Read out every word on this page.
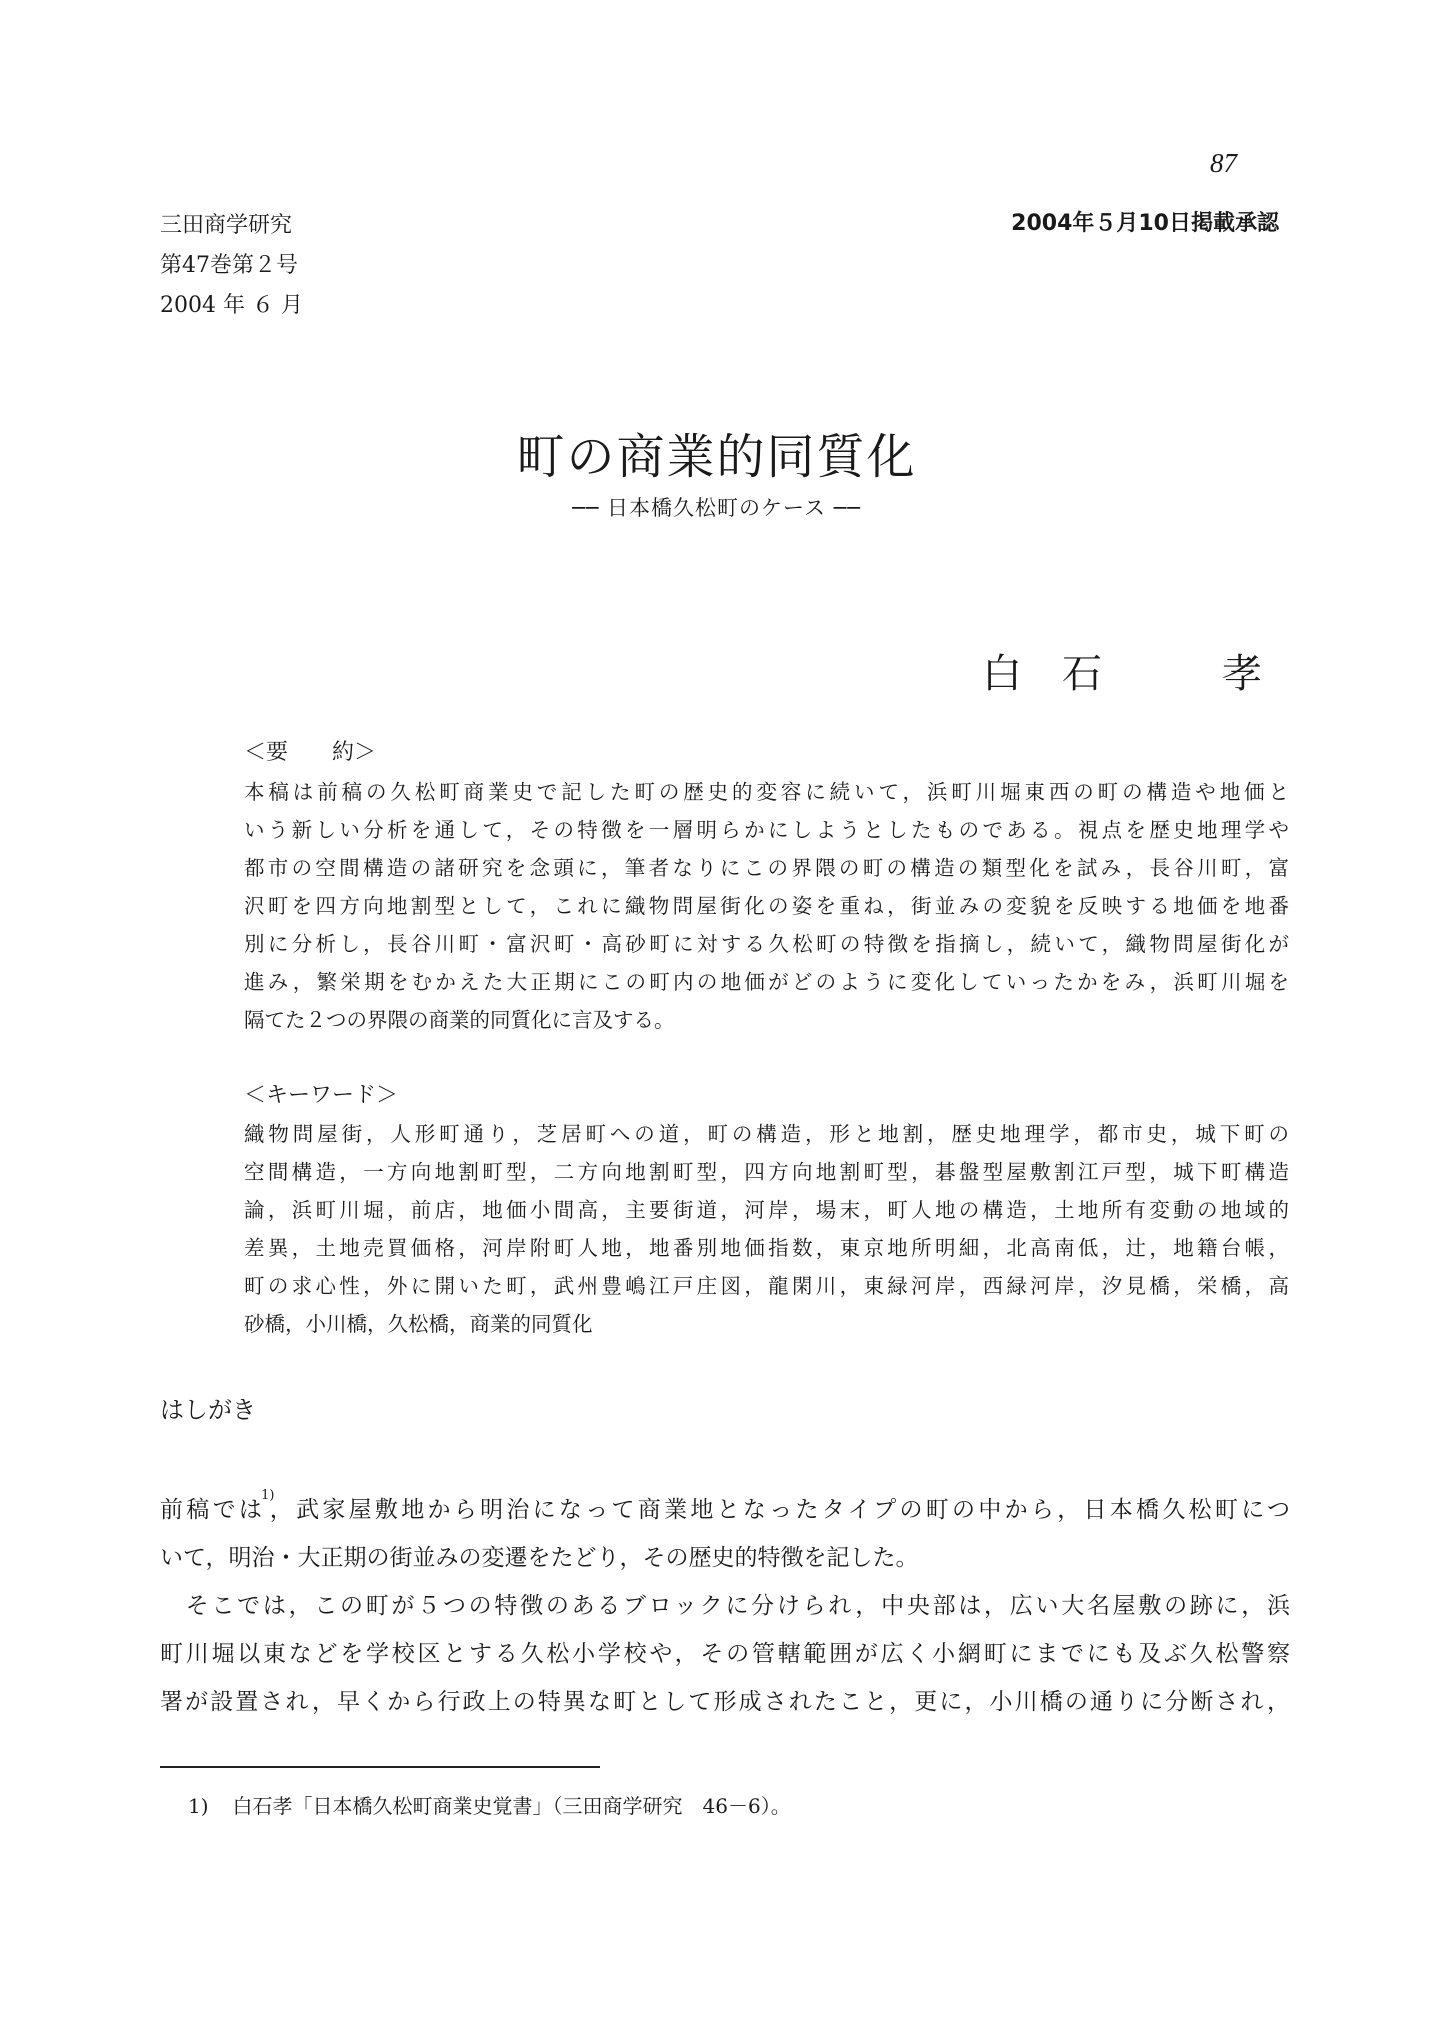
87
三田商学研究
第47巻第２号
2004 年 ６ 月
2004年５月10日掲載承認
町の商業的同質化
── 日本橋久松町のケース ──
白　石　　　孝
＜要　　約＞
本稿は前稿の久松町商業史で記した町の歴史的変容に続いて，浜町川堀東西の町の構造や地価と
いう新しい分析を通して，その特徴を一層明らかにしようとしたものである。視点を歴史地理学や
都市の空間構造の諸研究を念頭に，筆者なりにこの界隈の町の構造の類型化を試み，長谷川町，富
沢町を四方向地割型として，これに織物問屋街化の姿を重ね，街並みの変貌を反映する地価を地番
別に分析し，長谷川町・富沢町・高砂町に対する久松町の特徴を指摘し，続いて，織物問屋街化が
進み，繁栄期をむかえた大正期にこの町内の地価がどのように変化していったかをみ，浜町川堀を
隔てた２つの界隈の商業的同質化に言及する。
＜キーワード＞
織物問屋街，人形町通り，芝居町への道，町の構造，形と地割，歴史地理学，都市史，城下町の
空間構造，一方向地割町型，二方向地割町型，四方向地割町型，碁盤型屋敷割江戸型，城下町構造
論，浜町川堀，前店，地価小間高，主要街道，河岸，場末，町人地の構造，土地所有変動の地域的
差異，土地売買価格，河岸附町人地，地番別地価指数，東京地所明細，北高南低，辻，地籍台帳，
町の求心性，外に開いた町，武州豊嶋江戸庄図，龍閑川，東緑河岸，西緑河岸，汐見橋，栄橋，高
砂橋，小川橋，久松橋，商業的同質化
はしがき
前稿では$^{1)}$，武家屋敷地から明治になって商業地となったタイプの町の中から，日本橋久松町につ
いて，明治・大正期の街並みの変遷をたどり，その歴史的特徴を記した。
　そこでは，この町が５つの特徴のあるブロックに分けられ，中央部は，広い大名屋敷の跡に，浜
町川堀以東などを学校区とする久松小学校や，その管轄範囲が広く小網町にまでにも及ぶ久松警察
署が設置され，早くから行政上の特異な町として形成されたこと，更に，小川橋の通りに分断され，
1) 白石孝「日本橋久松町商業史覚書」（三田商学研究　46－6）。
